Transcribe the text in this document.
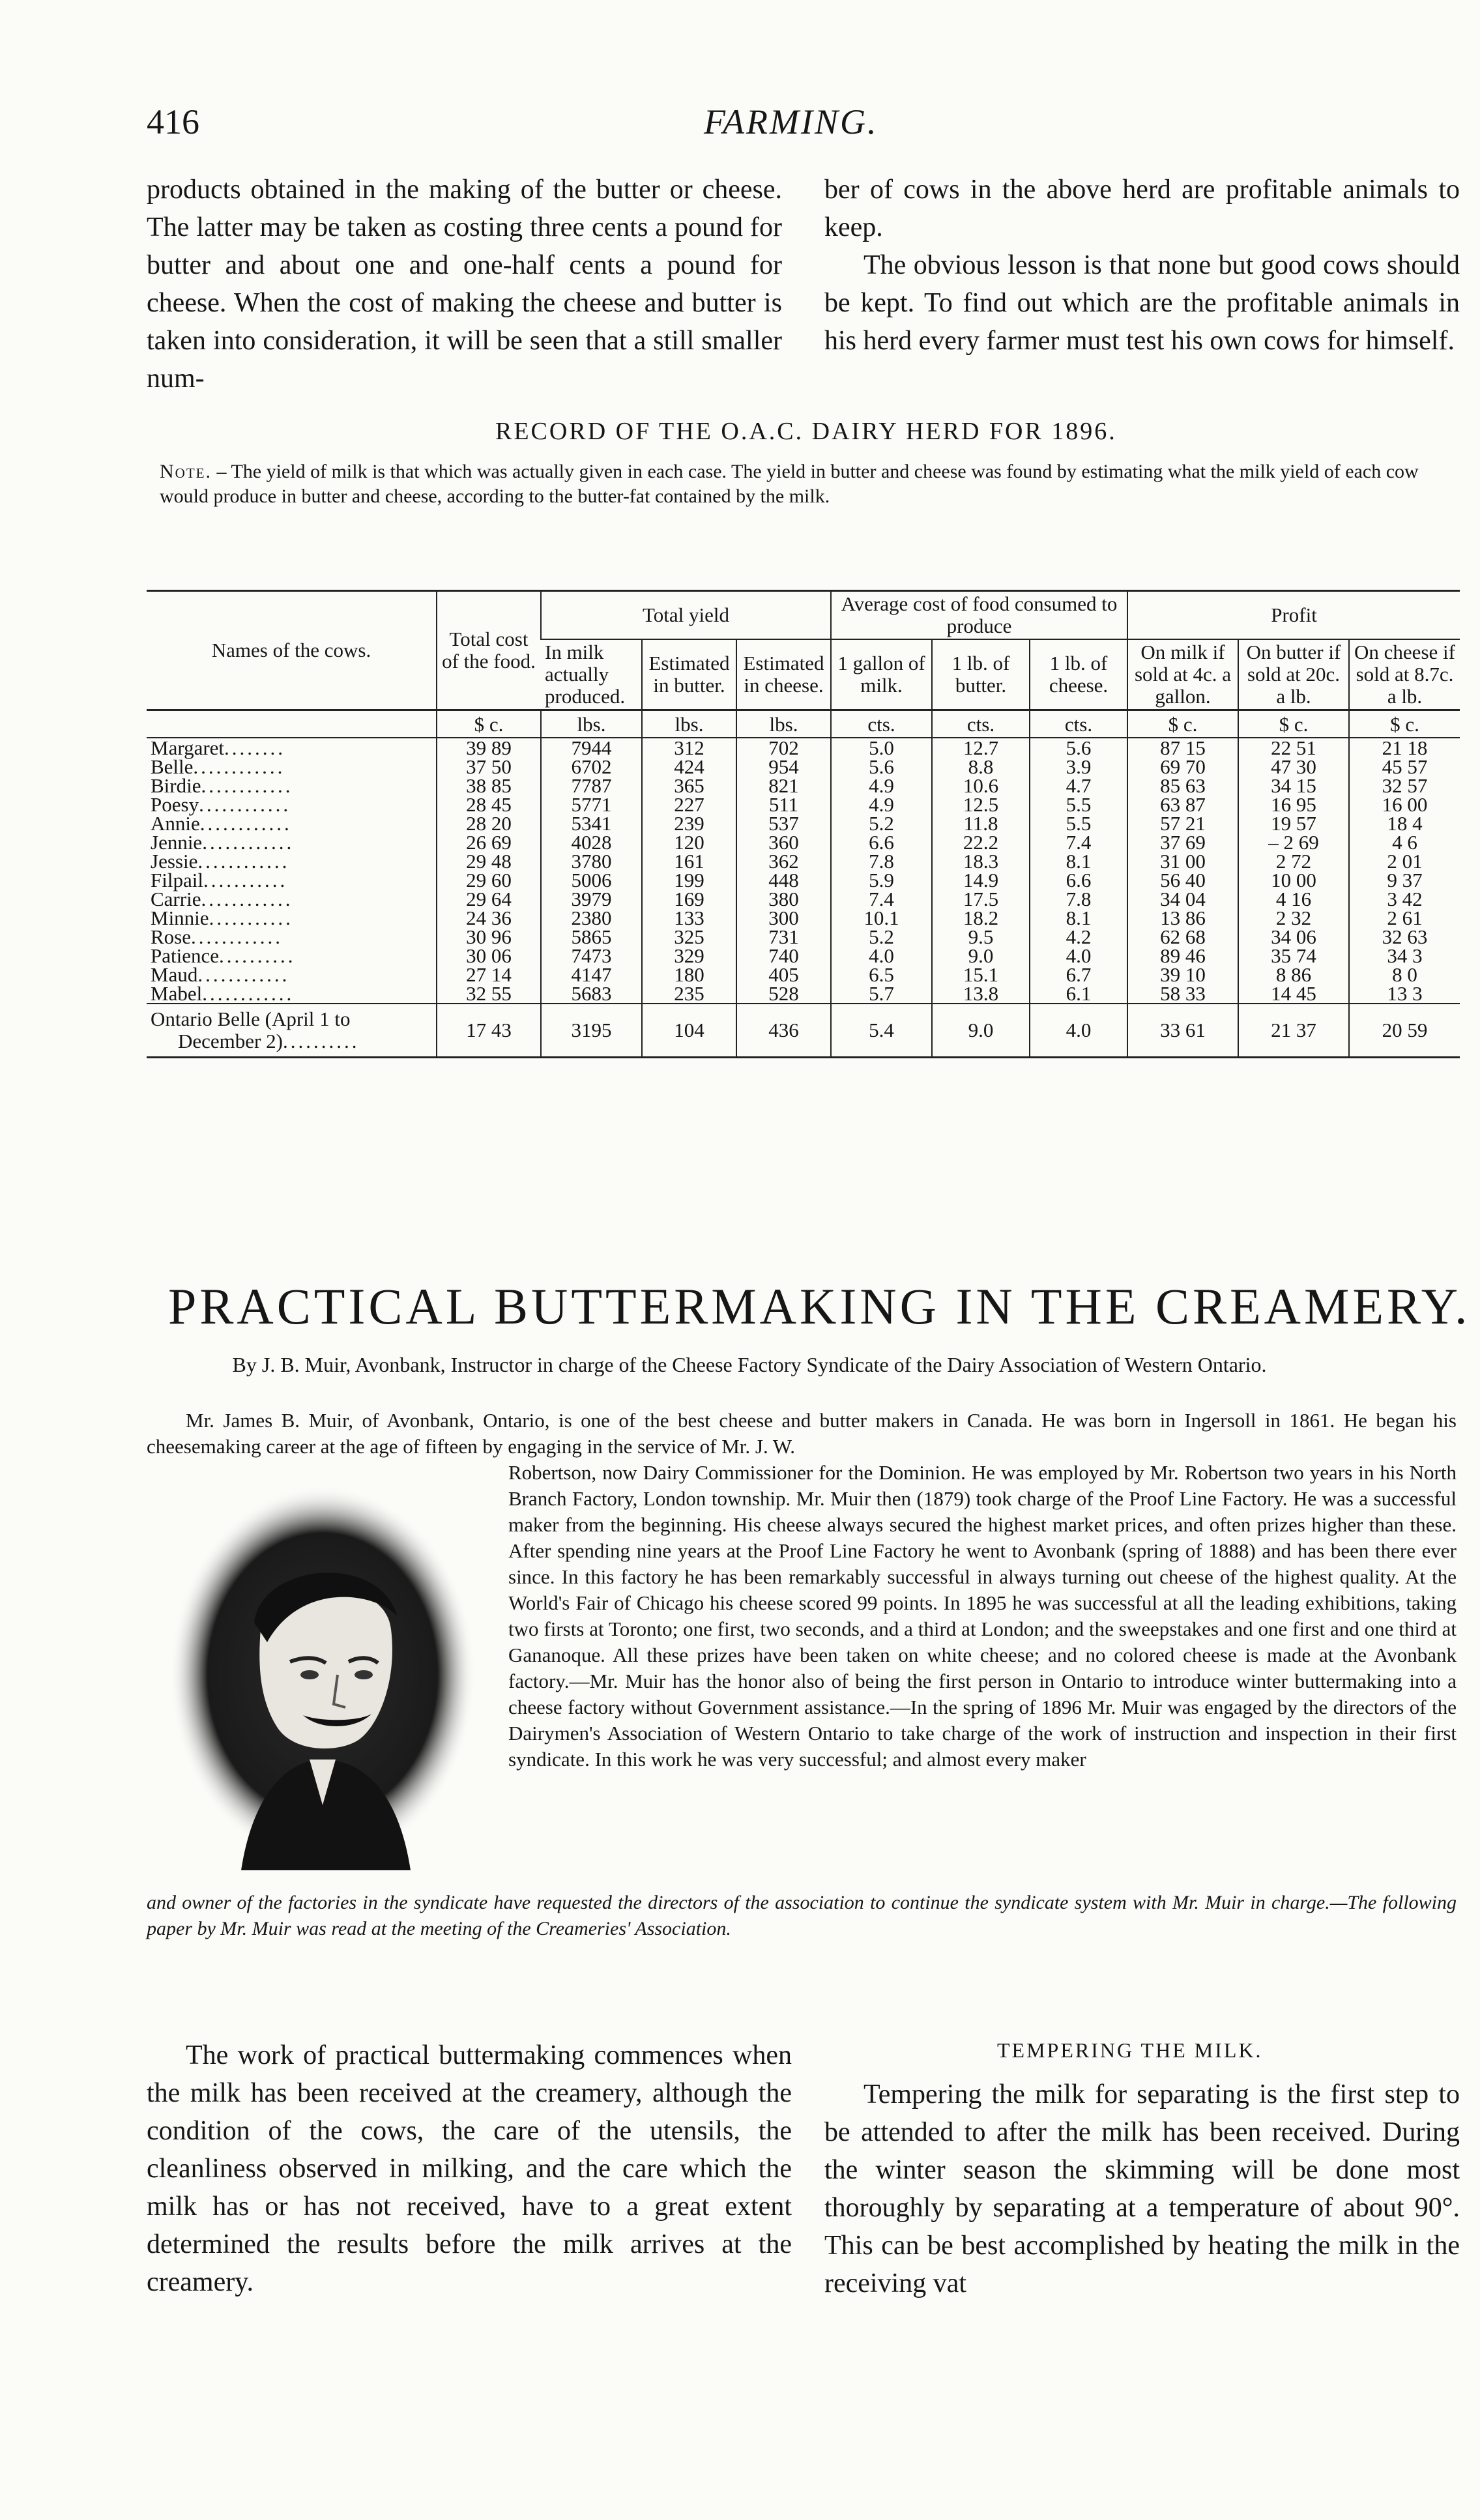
416	FARMING.

products obtained in the making of the butter or cheese. The latter may be taken as costing three cents a pound for butter and about one and one-half cents a pound for cheese. When the cost of making the cheese and butter is taken into consideration, it will be seen that a still smaller num-

ber of cows in the above herd are profitable animals to keep.

The obvious lesson is that none but good cows should be kept. To find out which are the profitable animals in his herd every farmer must test his own cows for himself.

RECORD OF THE O.A.C. DAIRY HERD FOR 1896.
Note. – The yield of milk is that which was actually given in each case. The yield in butter and cheese was found by estimating what the milk yield of each cow would produce in butter and cheese, according to the butter-fat contained by the milk.
Names of the cows.	Total cost of the food.	Total yield			Average cost of food consumed to produce			Profit		
		In milk actually produced.	Estimated in butter.	Estimated in cheese.	1 gallon of milk.	1 lb. of butter.	1 lb. of cheese.	On milk if sold at 4c. a gallon.	On butter if sold at 20c. a lb.	On cheese if sold at 8.7c. a lb.
	$ c.	lbs.	lbs.	lbs.	cts.	cts.	cts.	$ c.	$ c.	$ c.
Margaret........	39 89	7944	312	702	5.0	12.7	5.6	87 15	22 51	21 18
Belle............	37 50	6702	424	954	5.6	8.8	3.9	69 70	47 30	45 57
Birdie............	38 85	7787	365	821	4.9	10.6	4.7	85 63	34 15	32 57
Poesy............	28 45	5771	227	511	4.9	12.5	5.5	63 87	16 95	16 00
Annie............	28 20	5341	239	537	5.2	11.8	5.5	57 21	19 57	18 4
Jennie............	26 69	4028	120	360	6.6	22.2	7.4	37 69	– 2 69	4 6
Jessie............	29 48	3780	161	362	7.8	18.3	8.1	31 00	2 72	2 01
Filpail...........	29 60	5006	199	448	5.9	14.9	6.6	56 40	10 00	9 37
Carrie............	29 64	3979	169	380	7.4	17.5	7.8	34 04	4 16	3 42
Minnie...........	24 36	2380	133	300	10.1	18.2	8.1	13 86	2 32	2 61
Rose............	30 96	5865	325	731	5.2	9.5	4.2	62 68	34 06	32 63
Patience..........	30 06	7473	329	740	4.0	9.0	4.0	89 46	35 74	34 3
Maud............	27 14	4147	180	405	6.5	15.1	6.7	39 10	8 86	8 0
Mabel............	32 55	5683	235	528	5.7	13.8	6.1	58 33	14 45	13 3

Ontario Belle (April 1 to
December 2)..........	17 43	3195	104	436	5.4	9.0	4.0	33 61	21 37	20 59
PRACTICAL BUTTERMAKING IN THE CREAMERY.
By J. B. Muir, Avonbank, Instructor in charge of the Cheese Factory Syndicate of the Dairy Association of Western Ontario.
Mr. James B. Muir, of Avonbank, Ontario, is one of the best cheese and butter makers in Canada. He was born in Ingersoll in 1861. He began his cheesemaking career at the age of fifteen by engaging in the service of Mr. J. W.
Robertson, now Dairy Commissioner for the Dominion. He was employed by Mr. Robertson two years in his North Branch Factory, London township. Mr. Muir then (1879) took charge of the Proof Line Factory. He was a successful maker from the beginning. His cheese always secured the highest market prices, and often prizes higher than these. After spending nine years at the Proof Line Factory he went to Avonbank (spring of 1888) and has been there ever since. In this factory he has been remarkably successful in always turning out cheese of the highest quality. At the World's Fair of Chicago his cheese scored 99 points. In 1895 he was successful at all the leading exhibitions, taking two firsts at Toronto; one first, two seconds, and a third at London; and the sweepstakes and one first and one third at Gananoque. All these prizes have been taken on white cheese; and no colored cheese is made at the Avonbank factory.—Mr. Muir has the honor also of being the first person in Ontario to introduce winter buttermaking into a cheese factory without Government assistance.—In the spring of 1896 Mr. Muir was engaged by the directors of the Dairymen's Association of Western Ontario to take charge of the work of instruction and inspection in their first syndicate. In this work he was very successful; and almost every maker
and owner of the factories in the syndicate have requested the directors of the association to continue the syndicate system with Mr. Muir in charge.—The following paper by Mr. Muir was read at the meeting of the Creameries' Association.

The work of practical buttermaking commences when the milk has been received at the creamery, although the condition of the cows, the care of the utensils, the cleanliness observed in milking, and the care which the milk has or has not received, have to a great extent determined the results before the milk arrives at the creamery.

TEMPERING THE MILK.

Tempering the milk for separating is the first step to be attended to after the milk has been received. During the winter season the skimming will be done most thoroughly by separating at a temperature of about 90°. This can be best accomplished by heating the milk in the receiving vat
